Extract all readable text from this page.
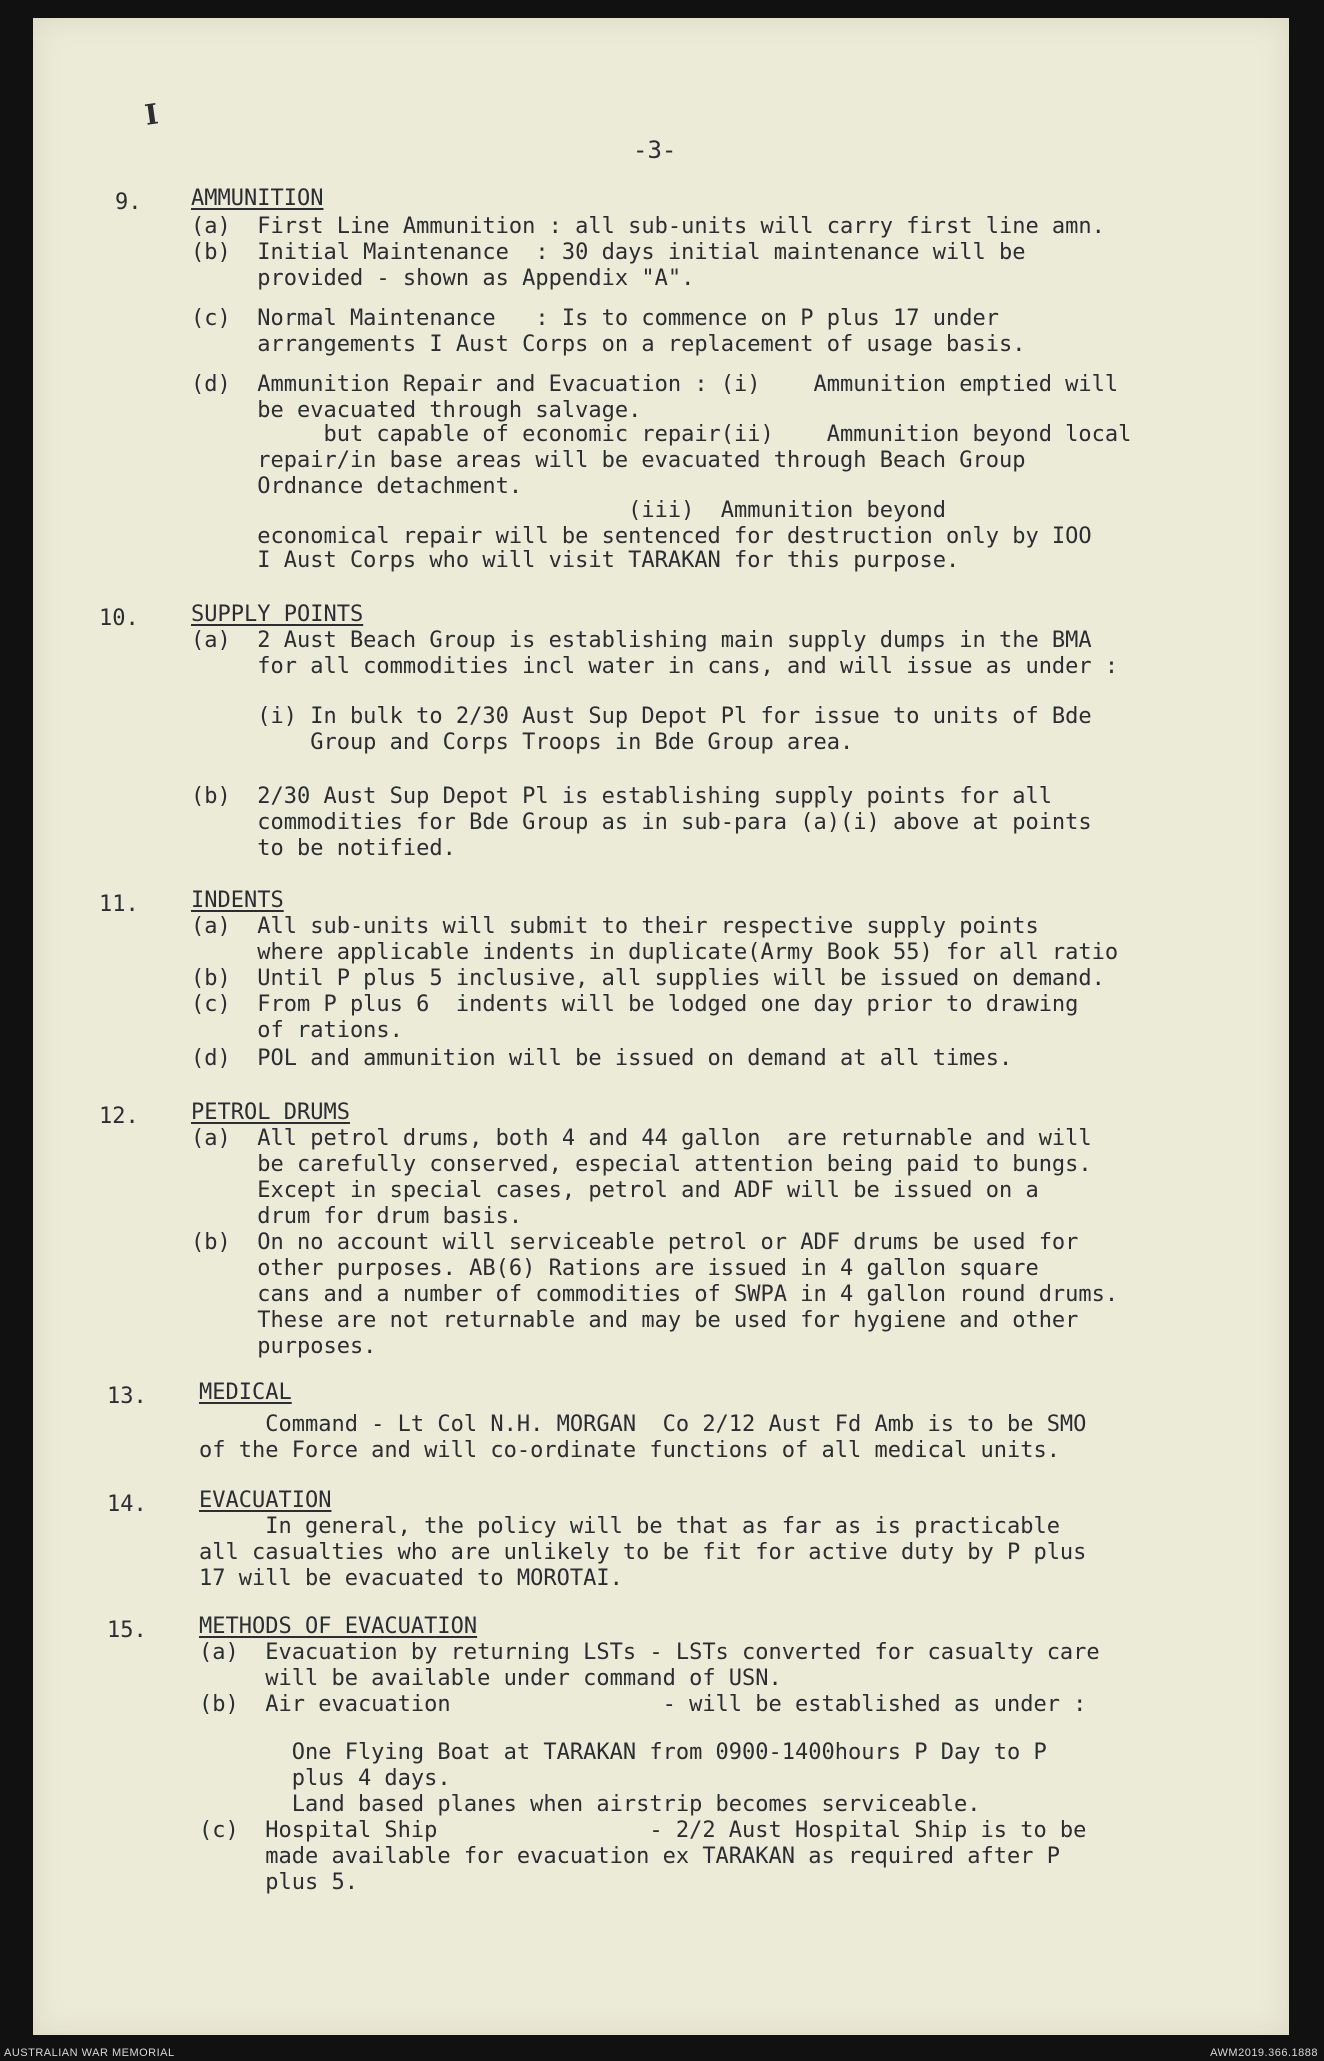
I
-3-
9. AMMUNITION
(a)  First Line Ammunition : all sub-units will carry first line amn.
(b)  Initial Maintenance  : 30 days initial maintenance will be
provided - shown as Appendix "A".
(c)  Normal Maintenance   : Is to commence on P plus 17 under
arrangements I Aust Corps on a replacement of usage basis.
(d)  Ammunition Repair and Evacuation : (i)    Ammunition emptied will
be evacuated through salvage.
but capable of economic repair(ii)    Ammunition beyond local
repair/in base areas will be evacuated through Beach Group
Ordnance detachment.
(iii)  Ammunition beyond
economical repair will be sentenced for destruction only by IOO
I Aust Corps who will visit TARAKAN for this purpose.
10. SUPPLY POINTS
(a)  2 Aust Beach Group is establishing main supply dumps in the BMA
for all commodities incl water in cans, and will issue as under :
(i) In bulk to 2/30 Aust Sup Depot Pl for issue to units of Bde
Group and Corps Troops in Bde Group area.
(b)  2/30 Aust Sup Depot Pl is establishing supply points for all
commodities for Bde Group as in sub-para (a)(i) above at points
to be notified.
11. INDENTS
(a)  All sub-units will submit to their respective supply points
where applicable indents in duplicate(Army Book 55) for all ratio
(b)  Until P plus 5 inclusive, all supplies will be issued on demand.
(c)  From P plus 6  indents will be lodged one day prior to drawing
of rations.
(d)  POL and ammunition will be issued on demand at all times.
12. PETROL DRUMS
(a)  All petrol drums, both 4 and 44 gallon  are returnable and will
be carefully conserved, especial attention being paid to bungs.
Except in special cases, petrol and ADF will be issued on a
drum for drum basis.
(b)  On no account will serviceable petrol or ADF drums be used for
other purposes. AB(6) Rations are issued in 4 gallon square
cans and a number of commodities of SWPA in 4 gallon round drums.
These are not returnable and may be used for hygiene and other
purposes.
13. MEDICAL
Command - Lt Col N.H. MORGAN  Co 2/12 Aust Fd Amb is to be SMO
of the Force and will co-ordinate functions of all medical units.
14. EVACUATION
In general, the policy will be that as far as is practicable
all casualties who are unlikely to be fit for active duty by P plus
17 will be evacuated to MOROTAI.
15. METHODS OF EVACUATION
(a)  Evacuation by returning LSTs - LSTs converted for casualty care
will be available under command of USN.
(b)  Air evacuation                - will be established as under :
One Flying Boat at TARAKAN from 0900-1400hours P Day to P
plus 4 days.
Land based planes when airstrip becomes serviceable.
(c)  Hospital Ship                - 2/2 Aust Hospital Ship is to be
made available for evacuation ex TARAKAN as required after P
plus 5.
AUSTRALIAN WAR MEMORIAL	AWM2019.366.1888
